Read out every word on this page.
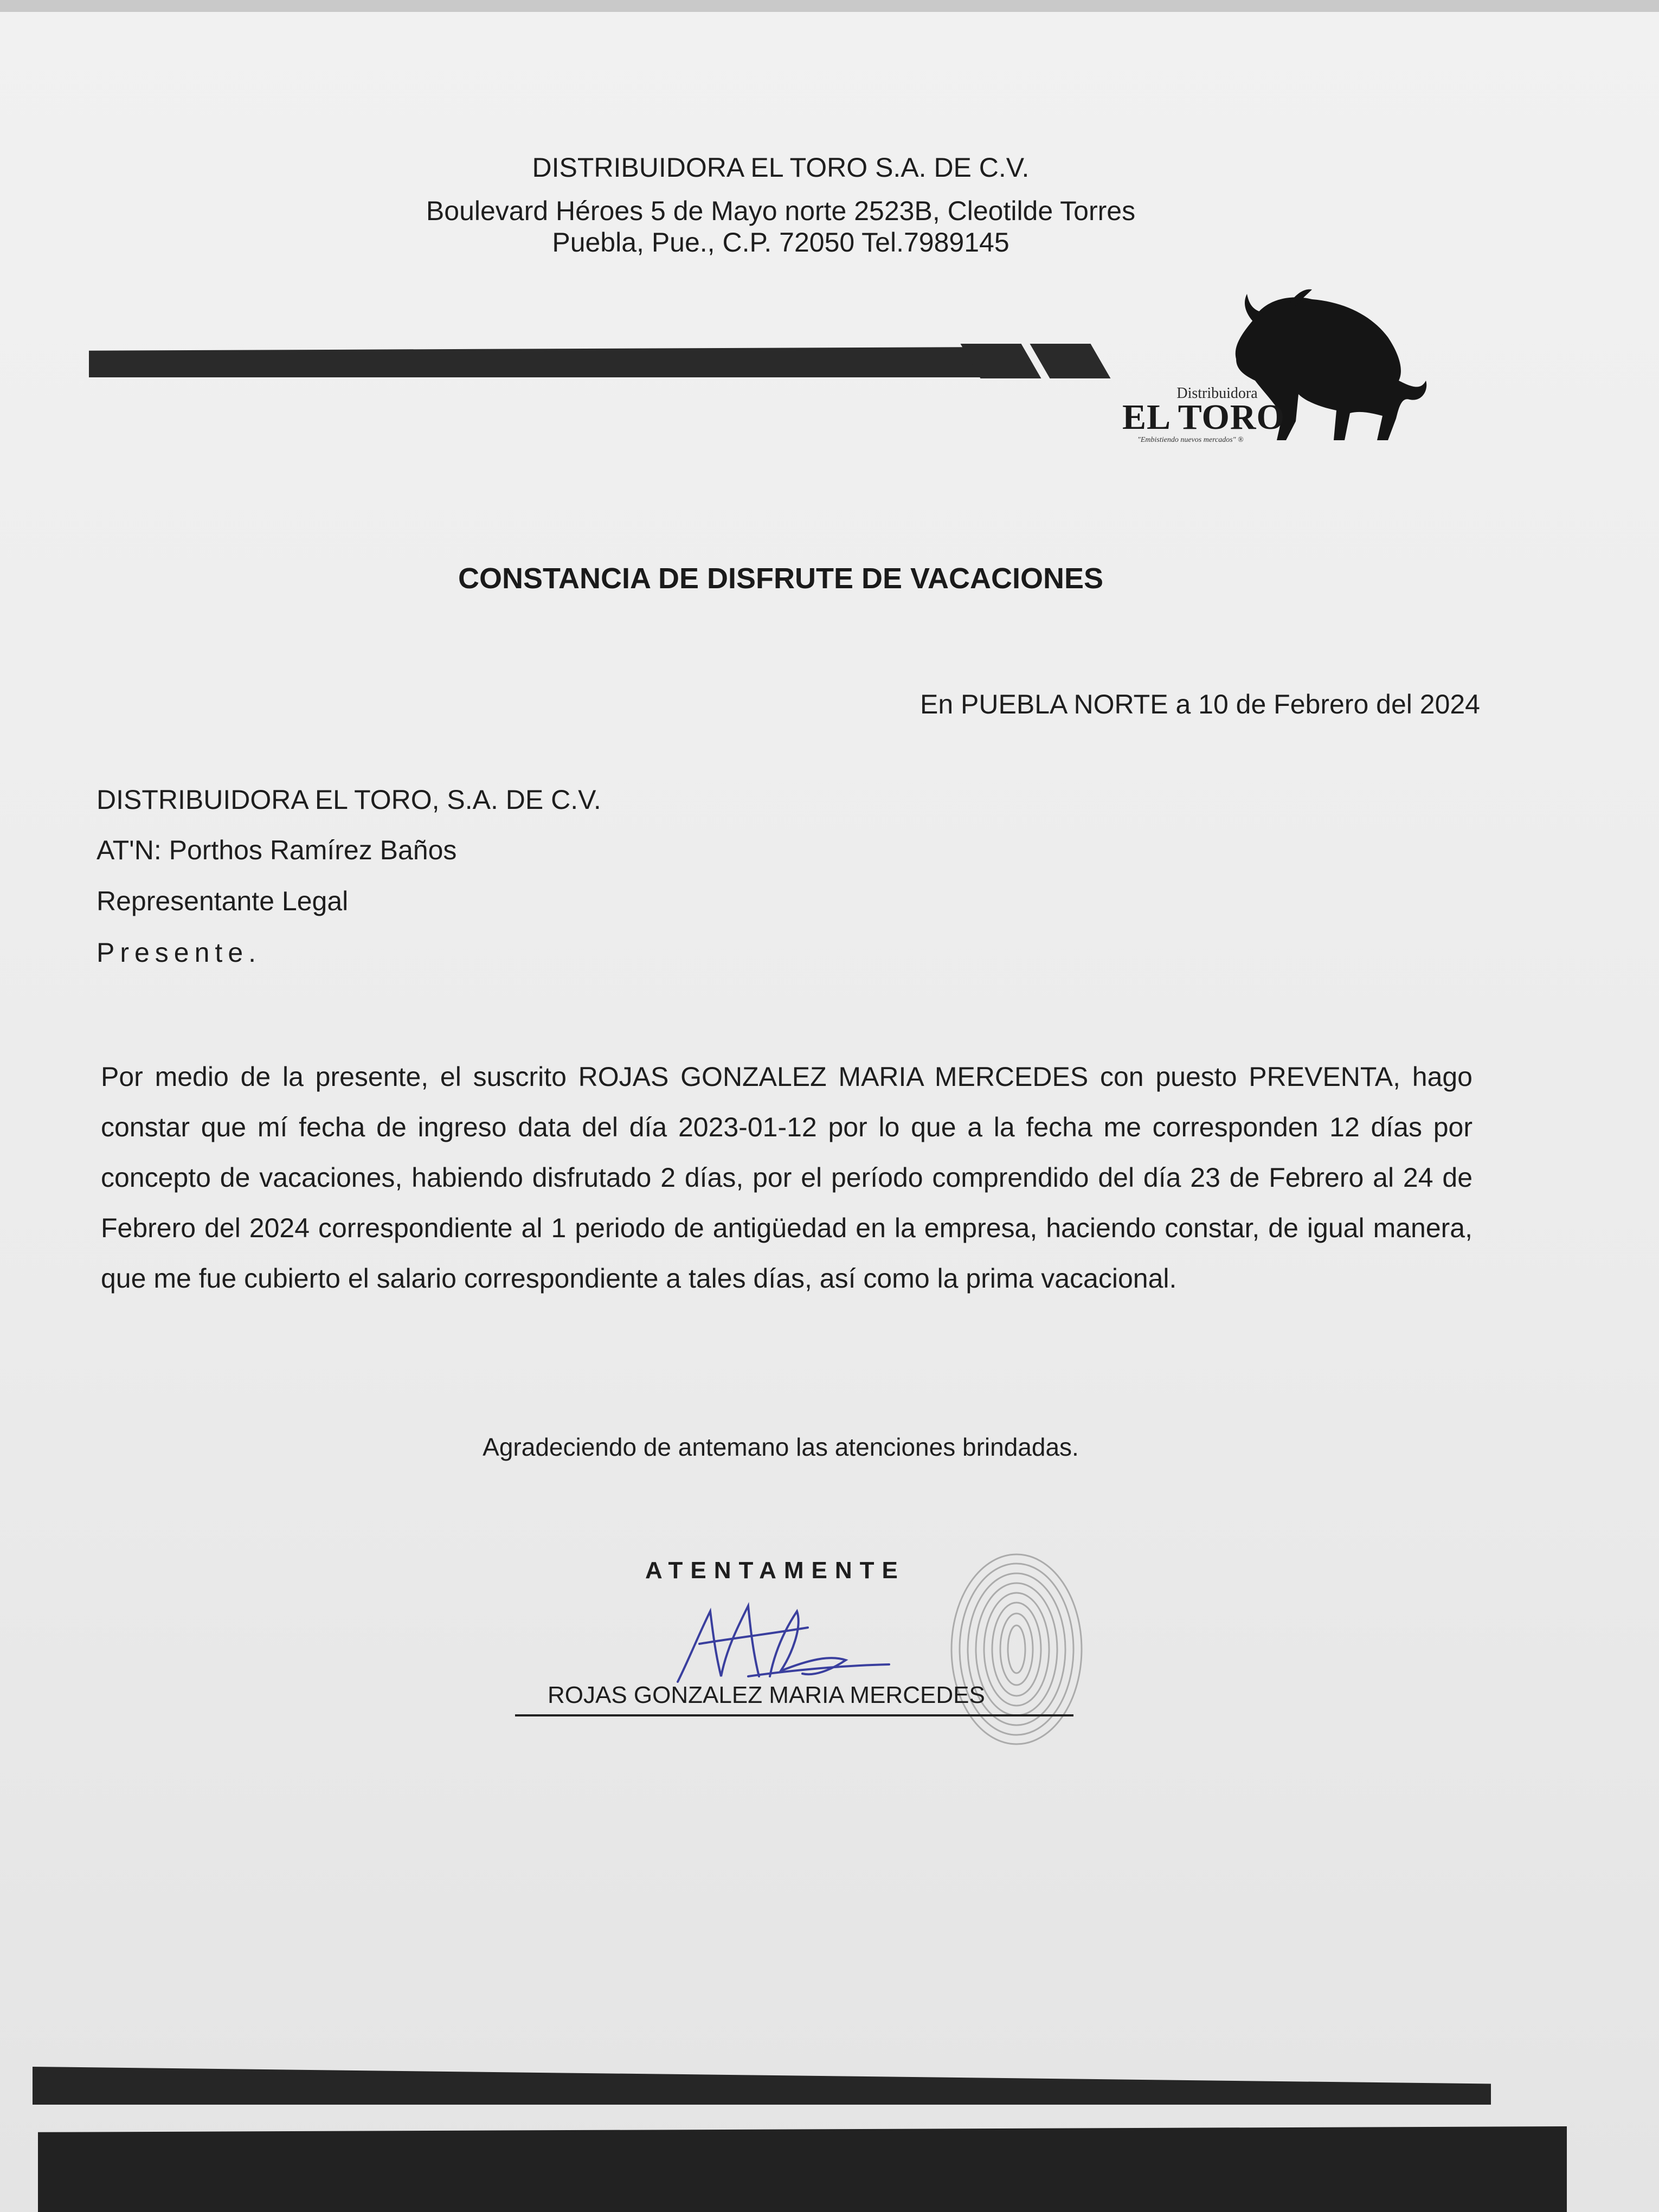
DISTRIBUIDORA EL TORO S.A. DE C.V.
Boulevard Héroes 5 de Mayo norte 2523B, Cleotilde Torres
Puebla, Pue., C.P. 72050 Tel.7989145
Distribuidora
EL TORO
"Embistiendo nuevos mercados" ®
CONSTANCIA DE DISFRUTE DE VACACIONES
En PUEBLA NORTE a 10 de Febrero del 2024
DISTRIBUIDORA EL TORO, S.A. DE C.V.
AT'N: Porthos Ramírez Baños
Representante Legal
Presente.
Por medio de la presente, el suscrito ROJAS GONZALEZ MARIA MERCEDES con puesto PREVENTA, hago constar que mí fecha de ingreso data del día 2023-01-12 por lo que a la fecha me corresponden 12 días por concepto de vacaciones, habiendo disfrutado 2 días, por el período comprendido del día 23 de Febrero al 24 de Febrero del 2024 correspondiente al 1 periodo de antigüedad en la empresa, haciendo constar, de igual manera, que me fue cubierto el salario correspondiente a tales días, así como la prima vacacional.
Agradeciendo de antemano las atenciones brindadas.
ATENTAMENTE
ROJAS GONZALEZ MARIA MERCEDES
